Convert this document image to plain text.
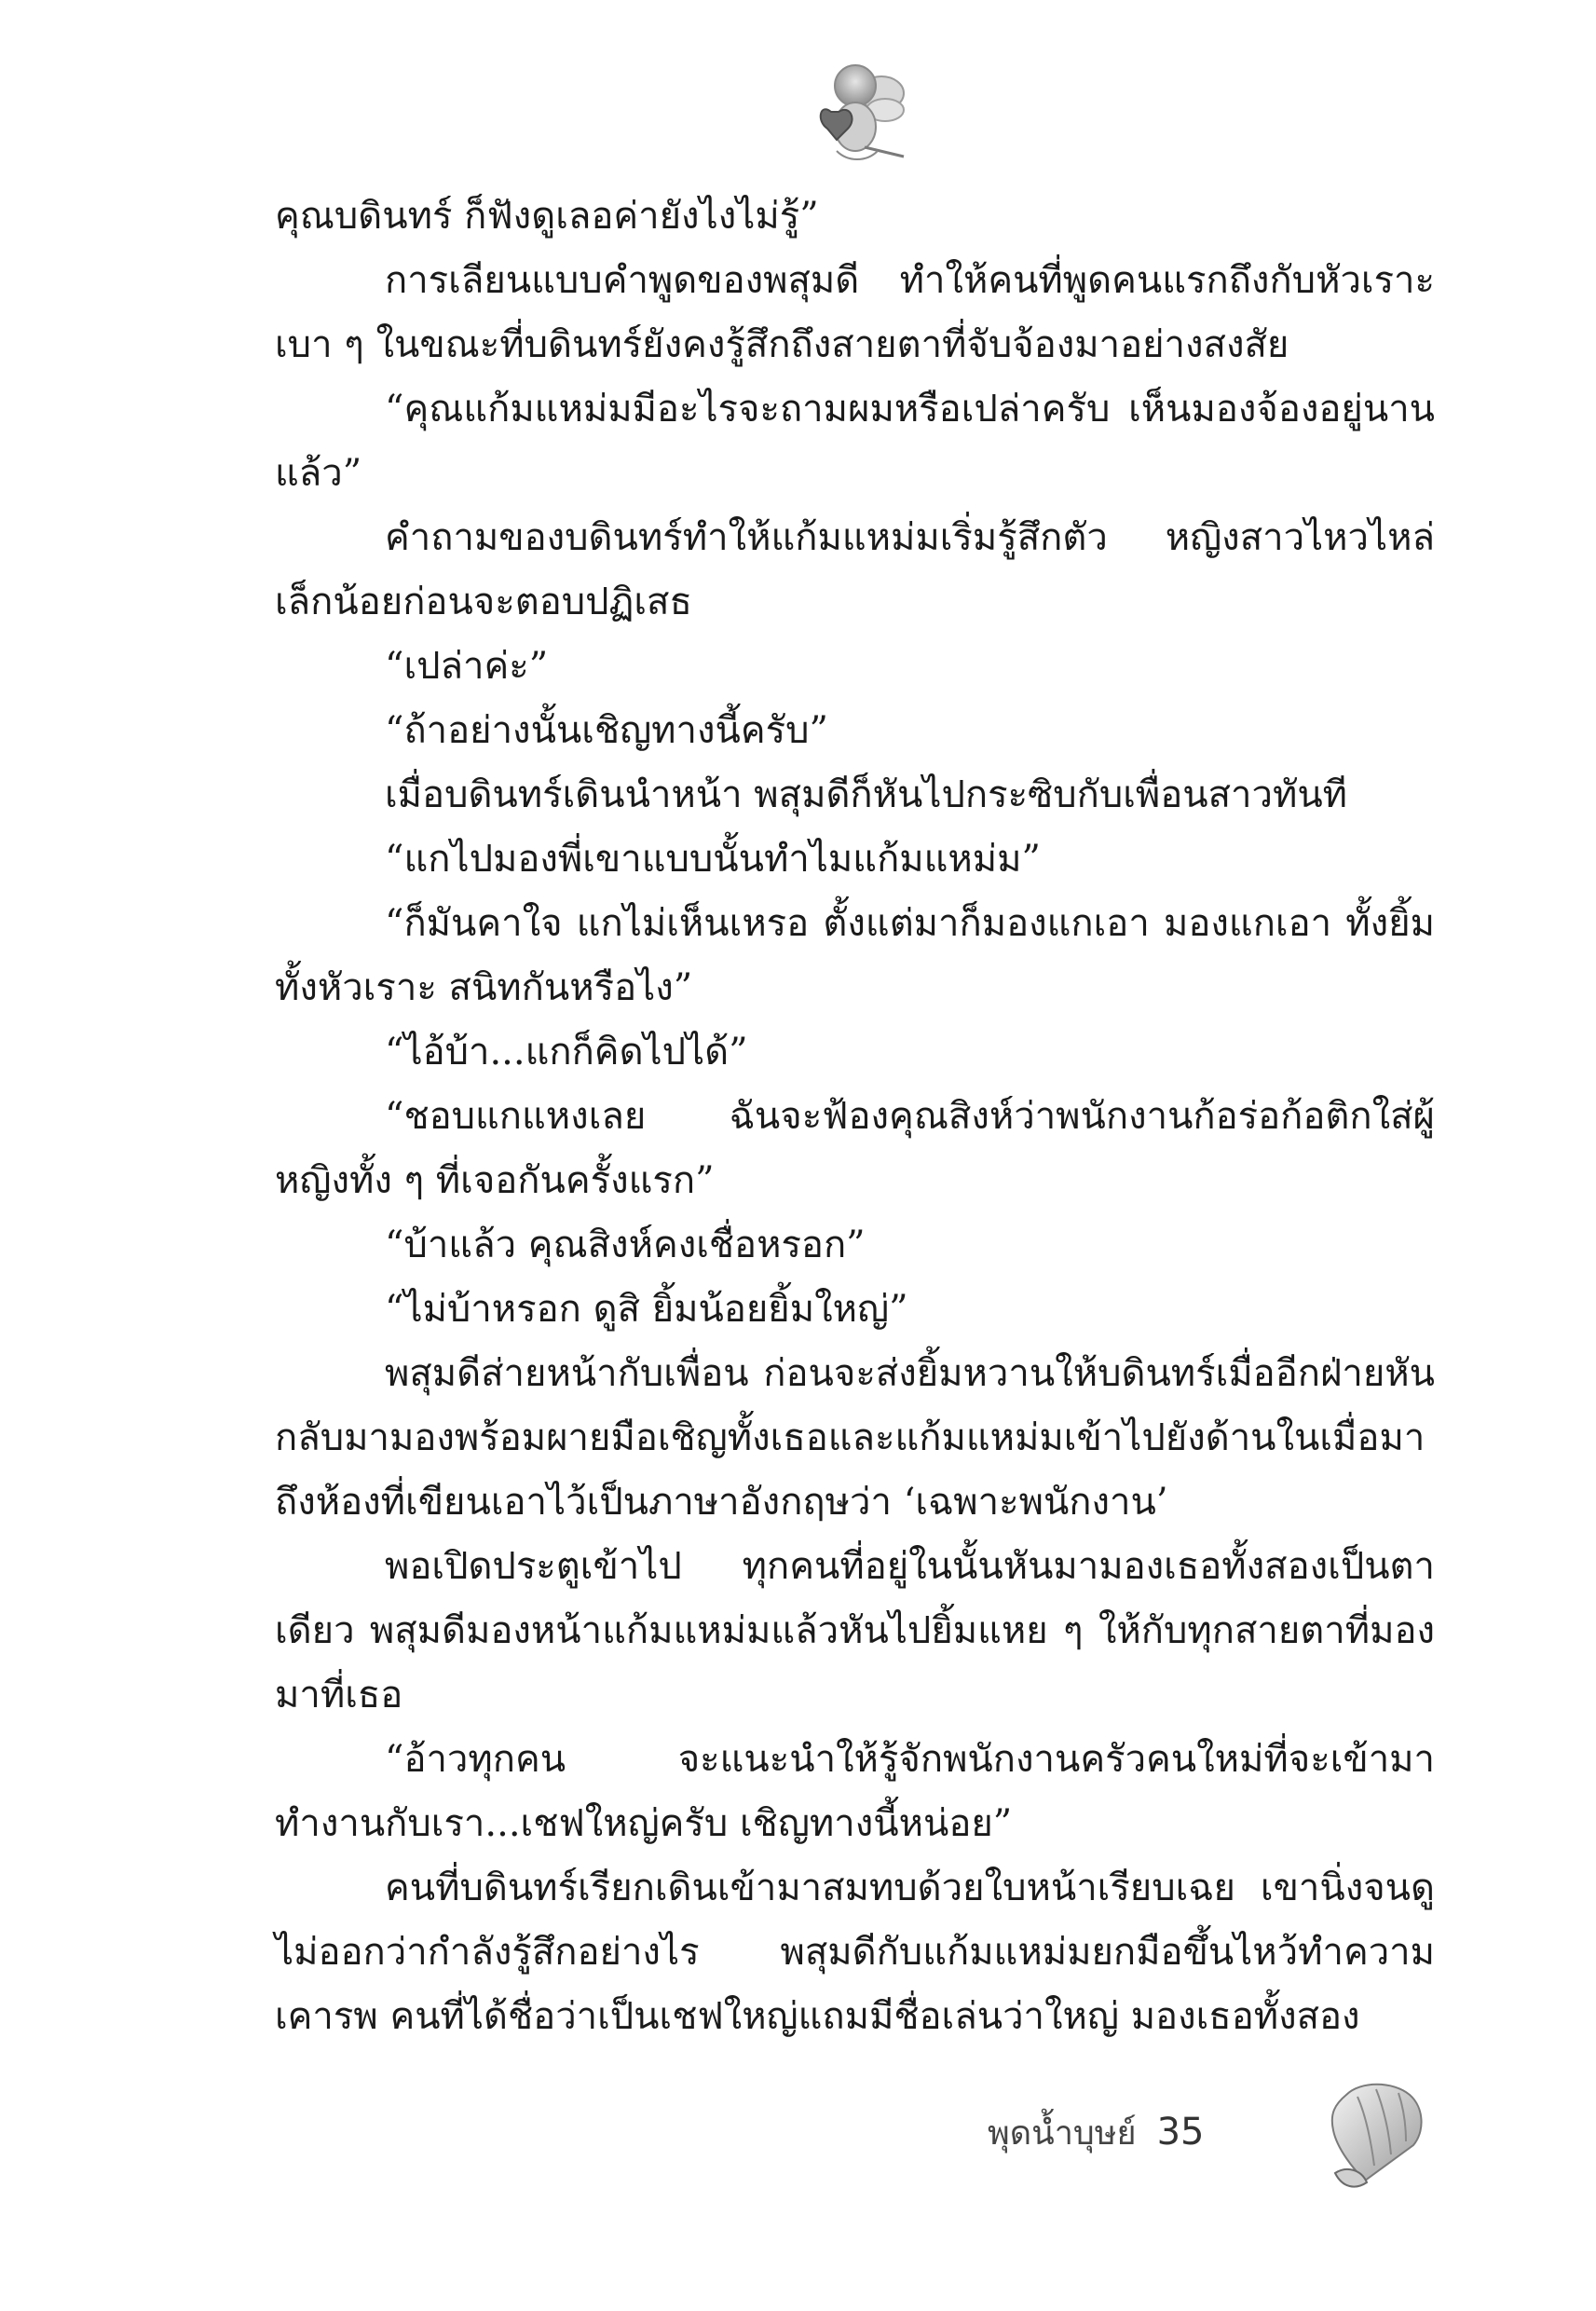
คุณบดินทร์ ก็ฟังดูเลอค่ายังไงไม่รู้”

การเลียนแบบคำพูดของพสุมดี ทำให้คนที่พูดคนแรกถึงกับหัวเราะเบา ๆ ในขณะที่บดินทร์ยังคงรู้สึกถึงสายตาที่จับจ้องมาอย่างสงสัย

“คุณแก้มแหม่มมีอะไรจะถามผมหรือเปล่าครับ เห็นมองจ้องอยู่นานแล้ว”

คำถามของบดินทร์ทำให้แก้มแหม่มเริ่มรู้สึกตัว หญิงสาวไหวไหล่เล็กน้อยก่อนจะตอบปฏิเสธ

“เปล่าค่ะ”

“ถ้าอย่างนั้นเชิญทางนี้ครับ”

เมื่อบดินทร์เดินนำหน้า พสุมดีก็หันไปกระซิบกับเพื่อนสาวทันที

“แกไปมองพี่เขาแบบนั้นทำไมแก้มแหม่ม”

“ก็มันคาใจ แกไม่เห็นเหรอ ตั้งแต่มาก็มองแกเอา มองแกเอา ทั้งยิ้มทั้งหัวเราะ สนิทกันหรือไง”

“ไอ้บ้า...แกก็คิดไปได้”

“ชอบแกแหงเลย ฉันจะฟ้องคุณสิงห์ว่าพนักงานก้อร่อก้อติกใส่ผู้หญิงทั้ง ๆ ที่เจอกันครั้งแรก”

“บ้าแล้ว คุณสิงห์คงเชื่อหรอก”

“ไม่บ้าหรอก ดูสิ ยิ้มน้อยยิ้มใหญ่”

พสุมดีส่ายหน้ากับเพื่อน ก่อนจะส่งยิ้มหวานให้บดินทร์เมื่ออีกฝ่ายหันกลับมามองพร้อมผายมือเชิญทั้งเธอและแก้มแหม่มเข้าไปยังด้านในเมื่อมาถึงห้องที่เขียนเอาไว้เป็นภาษาอังกฤษว่า ‘เฉพาะพนักงาน’

พอเปิดประตูเข้าไป ทุกคนที่อยู่ในนั้นหันมามองเธอทั้งสองเป็นตาเดียว พสุมดีมองหน้าแก้มแหม่มแล้วหันไปยิ้มแหย ๆ ให้กับทุกสายตาที่มองมาที่เธอ

“อ้าวทุกคน จะแนะนำให้รู้จักพนักงานครัวคนใหม่ที่จะเข้ามาทำงานกับเรา...เชฟใหญ่ครับ เชิญทางนี้หน่อย”

คนที่บดินทร์เรียกเดินเข้ามาสมทบด้วยใบหน้าเรียบเฉย เขานิ่งจนดูไม่ออกว่ากำลังรู้สึกอย่างไร พสุมดีกับแก้มแหม่มยกมือขึ้นไหว้ทำความเคารพ คนที่ได้ชื่อว่าเป็นเชฟใหญ่แถมมีชื่อเล่นว่าใหญ่ มองเธอทั้งสอง

พุดน้ำบุษย์ 35
